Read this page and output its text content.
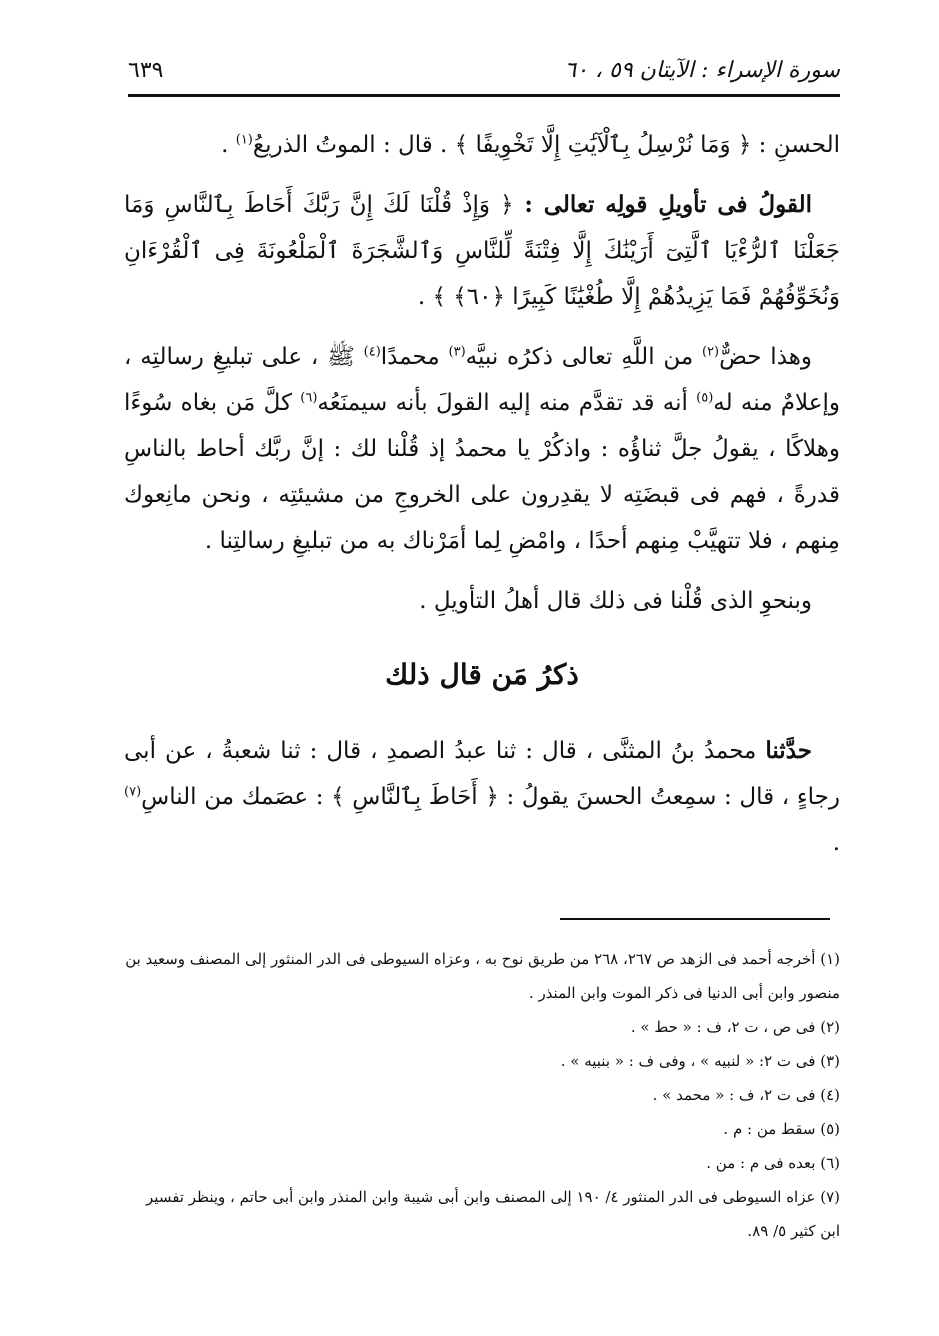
سورة الإسراء : الآيتان ٥٩ ، ٦٠
٦٣٩

الحسنِ : ﴿ وَمَا نُرْسِلُ بِٱلْآيَٰتِ إِلَّا تَخْوِيفًا ﴾ . قال : الموتُ الذريعُ$^{(١)}$ .

القولُ فى تأويلِ قولِه تعالى : ﴿ وَإِذْ قُلْنَا لَكَ إِنَّ رَبَّكَ أَحَاطَ بِٱلنَّاسِ وَمَا جَعَلْنَا ٱلرُّءْيَا ٱلَّتِىٓ أَرَيْنَٰكَ إِلَّا فِتْنَةً لِّلنَّاسِ وَٱلشَّجَرَةَ ٱلْمَلْعُونَةَ فِى ٱلْقُرْءَانِ وَنُخَوِّفُهُمْ فَمَا يَزِيدُهُمْ إِلَّا طُغْيَٰنًا كَبِيرًا ﴿٦٠﴾ ﴾ .

وهذا حضٌّ$^{(٢)}$ من اللَّهِ تعالى ذكرُه نبيَّه$^{(٣)}$ محمدًا$^{(٤)}$ ﷺ ، على تبليغِ رسالتِه ، وإعلامٌ منه له$^{(٥)}$ أنه قد تقدَّم منه إليه القولَ بأنه سيمنَعُه$^{(٦)}$ كلَّ مَن بغاه سُوءًا وهلاكًا ، يقولُ جلَّ ثناؤُه : واذكُرْ يا محمدُ إذ قُلْنا لك : إنَّ ربَّك أحاط بالناسِ قدرةً ، فهم فى قبضَتِه لا يقدِرون على الخروجِ من مشيئتِه ، ونحن مانِعوك مِنهم ، فلا تتهيَّبْ مِنهم أحدًا ، وامْضِ لِما أمَرْناك به من تبليغِ رسالتِنا .

وبنحوِ الذى قُلْنا فى ذلك قال أهلُ التأويلِ .

ذكرُ مَن قال ذلك

حدَّثنا محمدُ بنُ المثنَّى ، قال : ثنا عبدُ الصمدِ ، قال : ثنا شعبةُ ، عن أبى رجاءٍ ، قال : سمِعتُ الحسنَ يقولُ : ﴿ أَحَاطَ بِٱلنَّاسِ ﴾ : عصَمك من الناسِ$^{(٧)}$ .

(١) أخرجه أحمد فى الزهد ص ٢٦٧، ٢٦٨ من طريق نوح به ، وعزاه السيوطى فى الدر المنثور إلى المصنف وسعيد بن منصور وابن أبى الدنيا فى ذكر الموت وابن المنذر .
(٢) فى ص ، ت ٢، ف : « حط » .
(٣) فى ت ٢: « لنبيه » ، وفى ف : « بنبيه » .
(٤) فى ت ٢، ف : « محمد » .
(٥) سقط من : م .
(٦) بعده فى م : من .
(٧) عزاه السيوطى فى الدر المنثور ٤/ ١٩٠ إلى المصنف وابن أبى شيبة وابن المنذر وابن أبى حاتم ، وينظر تفسير ابن كثير ٥/ ٨٩.
